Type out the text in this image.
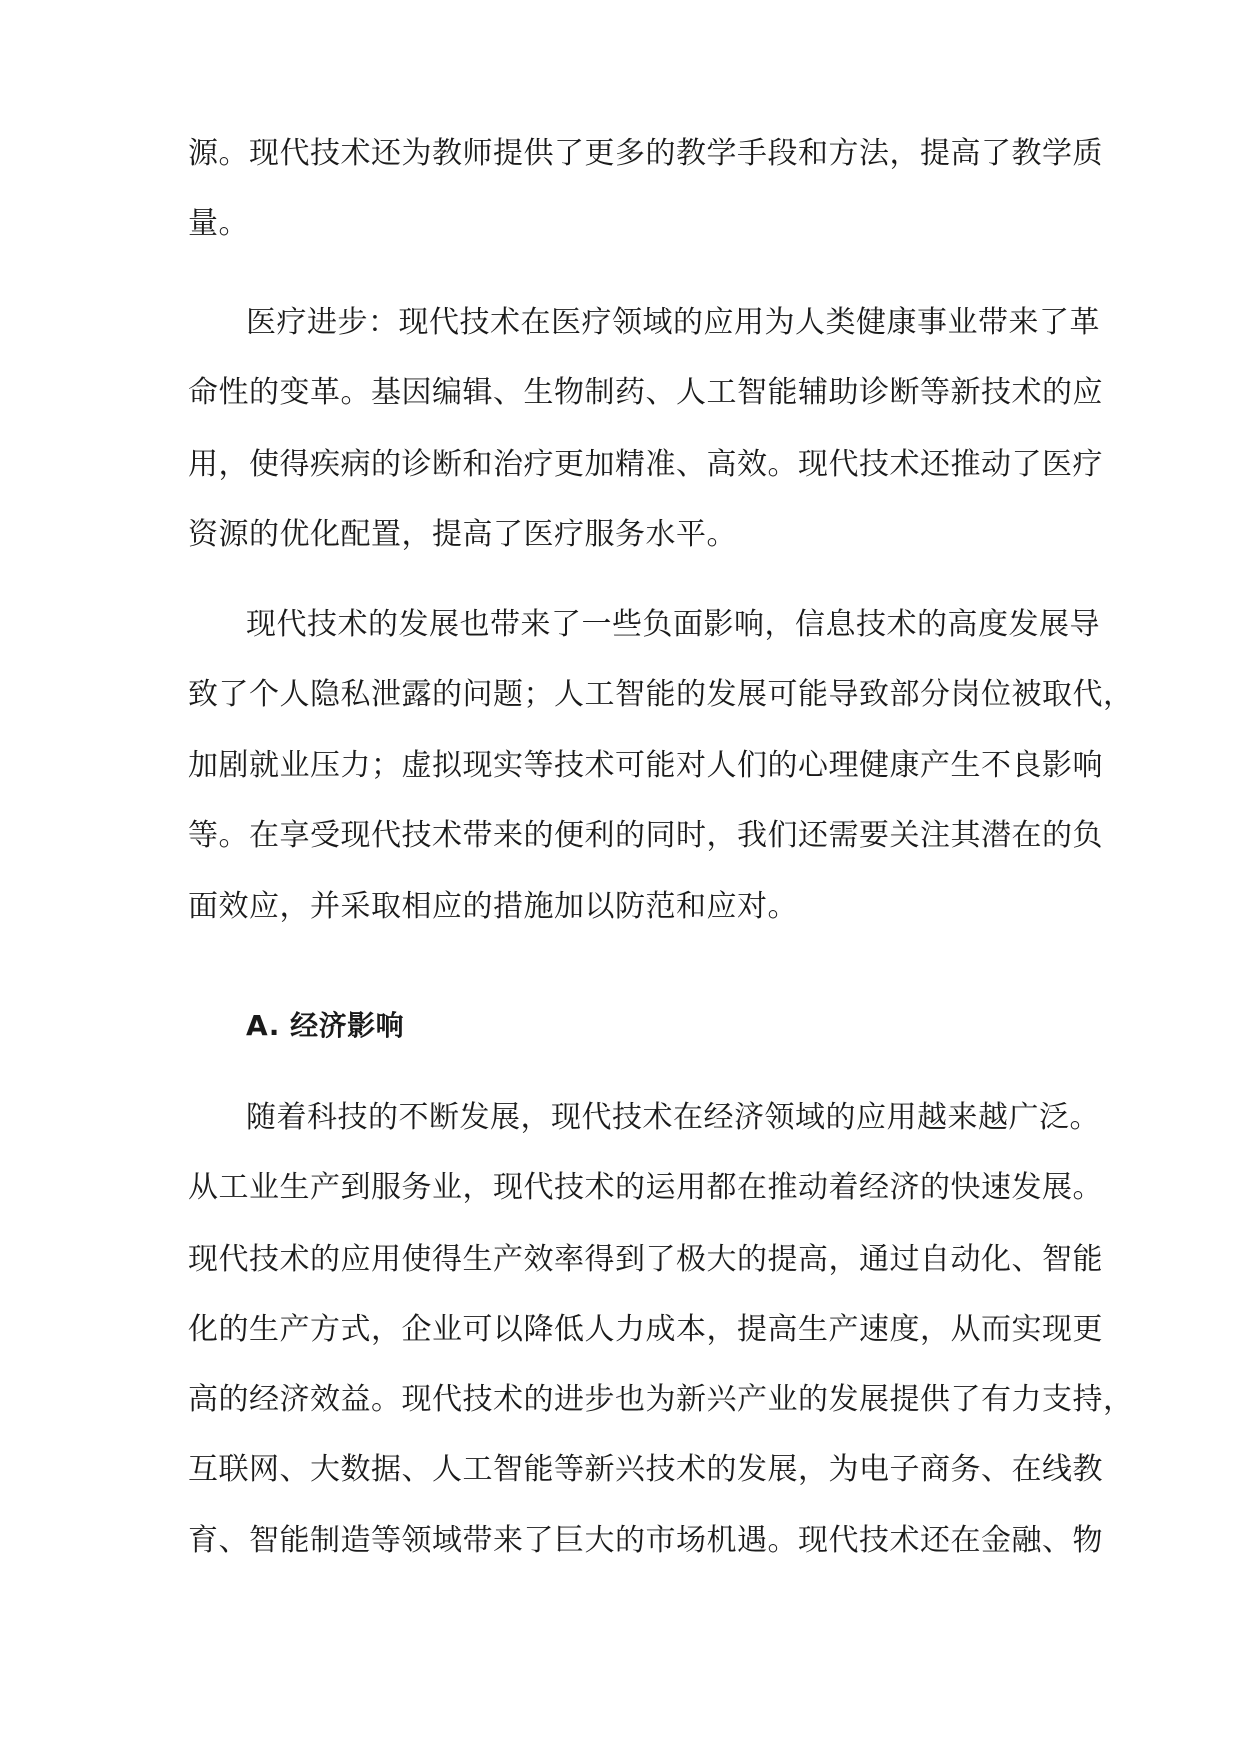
源。现代技术还为教师提供了更多的教学手段和方法，提高了教学质

量。

医疗进步：现代技术在医疗领域的应用为人类健康事业带来了革

命性的变革。基因编辑、生物制药、人工智能辅助诊断等新技术的应

用，使得疾病的诊断和治疗更加精准、高效。现代技术还推动了医疗

资源的优化配置，提高了医疗服务水平。

现代技术的发展也带来了一些负面影响，信息技术的高度发展导

致了个人隐私泄露的问题；人工智能的发展可能导致部分岗位被取代，

加剧就业压力；虚拟现实等技术可能对人们的心理健康产生不良影响

等。在享受现代技术带来的便利的同时，我们还需要关注其潜在的负

面效应，并采取相应的措施加以防范和应对。

A. 经济影响

随着科技的不断发展，现代技术在经济领域的应用越来越广泛。

从工业生产到服务业，现代技术的运用都在推动着经济的快速发展。

现代技术的应用使得生产效率得到了极大的提高，通过自动化、智能

化的生产方式，企业可以降低人力成本，提高生产速度，从而实现更

高的经济效益。现代技术的进步也为新兴产业的发展提供了有力支持，

互联网、大数据、人工智能等新兴技术的发展，为电子商务、在线教

育、智能制造等领域带来了巨大的市场机遇。现代技术还在金融、物
